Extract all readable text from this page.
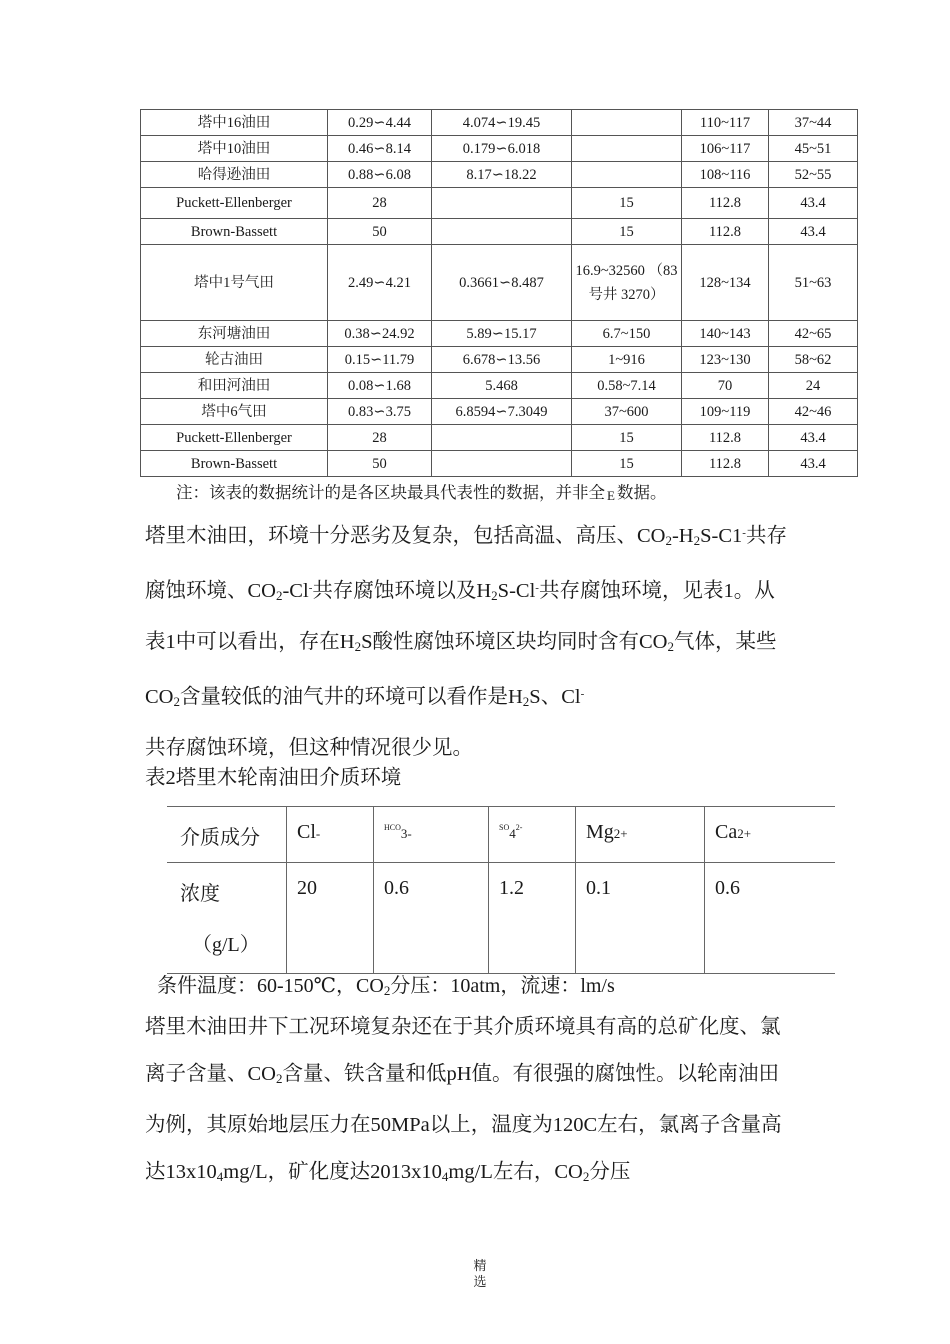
塔中16油田	0.29∽4.44	4.074∽19.45		110~117	37~44
塔中10油田	0.46∽8.14	0.179∽6.018		106~117	45~51
哈得逊油田	0.88∽6.08	8.17∽18.22		108~116	52~55
Puckett-Ellenberger	28		15	112.8	43.4
Brown-Bassett	50		15	112.8	43.4
塔中1号气田	2.49∽4.21	0.3661∽8.487	16.9~32560 （83号井 3270）	128~134	51~63
东河塘油田	0.38∽24.92	5.89∽15.17	6.7~150	140~143	42~65
轮古油田	0.15∽11.79	6.678∽13.56	1~916	123~130	58~62
和田河油田	0.08∽1.68	5.468	0.58~7.14	70	24
塔中6气田	0.83∽3.75	6.8594∽7.3049	37~600	109~119	42~46
Puckett-Ellenberger	28		15	112.8	43.4
Brown-Bassett	50		15	112.8	43.4
注：该表的数据统计的是各区块最具代表性的数据，并非全 E 数据。

塔里木油田，环境十分恶劣及复杂，包括高温、高压、$CO_2-H_2S-C1^-$共存

腐蚀环境、$CO_2-Cl^-$共存腐蚀环境以及$H_2S-Cl^-$共存腐蚀环境，见表1。从

表1中可以看出，存在$H_2S$酸性腐蚀环境区块均同时含有$CO_2$气体，某些

$CO_2$含量较低的油气井的环境可以看作是$H_2S$、Cl-

共存腐蚀环境，但这种情况很少见。

表2塔里木轮南油田介质环境
介质成分	Cl-	$^{HCO}$3-	$^{SO}4^{2-}$	Mg2+	Ca2+

浓度
（g/L）	20	0.6	1.2	0.1	0.6
条件温度：60-150℃，$CO_2$分压：10atm，流速：lm/s

塔里木油田井下工况环境复杂还在于其介质环境具有高的总矿化度、氯

离子含量、$CO_2$含量、铁含量和低pH值。有很强的腐蚀性。以轮南油田

为例，其原始地层压力在50MPa以上，温度为120C左右，氯离子含量高

达$13x10_4mg/L$，矿化度达$2013x10_4mg/L$左右，$CO_2$分压

精
选
